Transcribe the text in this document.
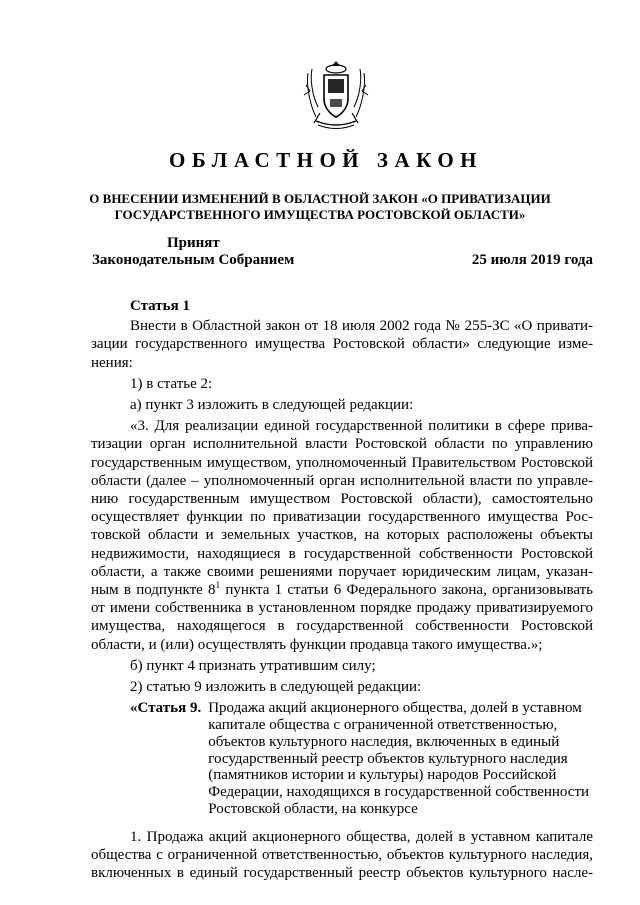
ОБЛАСТНОЙ ЗАКОН
О ВНЕСЕНИИ ИЗМЕНЕНИЙ В ОБЛАСТНОЙ ЗАКОН «О ПРИВАТИЗАЦИИ
ГОСУДАРСТВЕННОГО ИМУЩЕСТВА РОСТОВСКОЙ ОБЛАСТИ»
Принят
Законодательным Собранием	25 июля 2019 года

Статья 1

Внести в Областной закон от 18 июля 2002 года № 255-ЗС «О привати-

зации государственного имущества Ростовской области» следующие изме-

нения:

1) в статье 2:

а) пункт 3 изложить в следующей редакции:

«3. Для реализации единой государственной политики в сфере прива-

тизации орган исполнительной власти Ростовской области по управлению

государственным имуществом, уполномоченный Правительством Ростовской

области (далее – уполномоченный орган исполнительной власти по управле-

нию государственным имуществом Ростовской области), самостоятельно

осуществляет функции по приватизации государственного имущества Рос-

товской области и земельных участков, на которых расположены объекты

недвижимости, находящиеся в государственной собственности Ростовской

области, а также своими решениями поручает юридическим лицам, указан-

ным в подпункте $8^1$ пункта 1 статьи 6 Федерального закона, организовывать

от имени собственника в установленном порядке продажу приватизируемого

имущества, находящегося в государственной собственности Ростовской

области, и (или) осуществлять функции продавца такого имущества.»;

б) пункт 4 признать утратившим силу;

2) статью 9 изложить в следующей редакции:

«Статья 9. Продажа акций акционерного общества, долей в уставном
капитале общества с ограниченной ответственностью,
объектов культурного наследия, включенных в единый
государственный реестр объектов культурного наследия
(памятников истории и культуры) народов Российской
Федерации, находящихся в государственной собственности
Ростовской области, на конкурсе

1. Продажа акций акционерного общества, долей в уставном капитале

общества с ограниченной ответственностью, объектов культурного наследия,

включенных в единый государственный реестр объектов культурного насле-
